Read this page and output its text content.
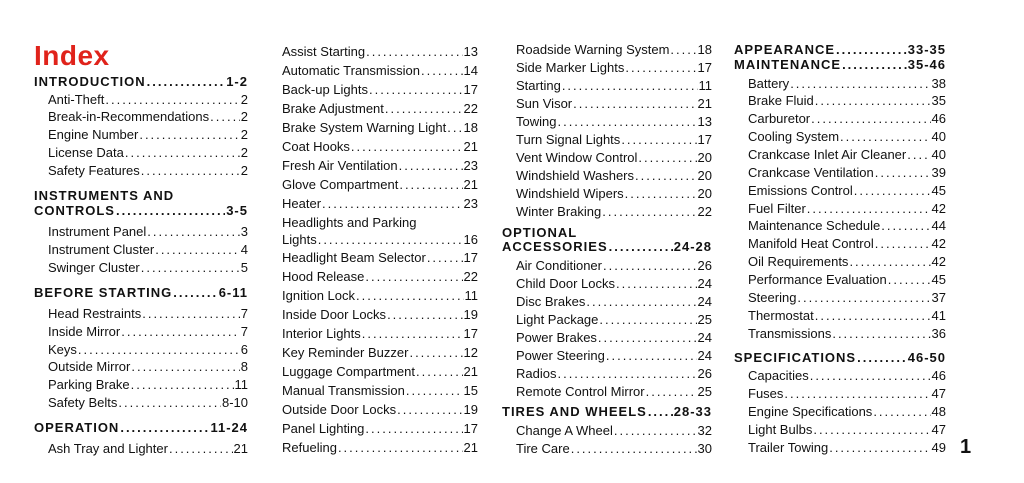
Index
INTRODUCTION .....	1-2
Anti-Theft .....	2
Break-in-Recommendations ..... 2
Engine Number .....	2
License Data .....	2
Safety Features .....	2
INSTRUMENTS AND
CONTROLS .....	3-5
Instrument Panel .....	3
Instrument Cluster .....	4
Swinger Cluster .....	5
BEFORE STARTING .....	6-11
Head Restraints .....	7
Inside Mirror .....	7
Keys .....	6
Outside Mirror .....	8
Parking Brake .....	11
Safety Belts .....	8-10
OPERATION .....	11-24
Ash Tray and Lighter .....	21
Assist Starting .....	13
Automatic Transmission .....	14
Back-up Lights .....	17
Brake Adjustment .....	22
Brake System Warning Light ..... 18
Coat Hooks .....	21
Fresh Air Ventilation .....	23
Glove Compartment .....	21
Heater .....	23
Headlights and Parking
Lights .....	16
Headlight Beam Selector .....	17
Hood Release .....	22
Ignition Lock .....	11
Inside Door Locks .....	19
Interior Lights .....	17
Key Reminder Buzzer .....	12
Luggage Compartment .....	21
Manual Transmission .....	15
Outside Door Locks .....	19
Panel Lighting .....	17
Refueling .....	21
Roadside Warning System ..... 18
Side Marker Lights .....	17
Starting .....	11
Sun Visor .....	21
Towing .....	13
Turn Signal Lights .....	17
Vent Window Control .....	20
Windshield Washers .....	20
Windshield Wipers .....	20
Winter Braking .....	22
OPTIONAL
ACCESSORIES .....	24-28
Air Conditioner .....	26
Child Door Locks .....	24
Disc Brakes .....	24
Light Package .....	25
Power Brakes .....	24
Power Steering .....	24
Radios .....	26
Remote Control Mirror .....	25
TIRES AND WHEELS ..... 28-33
Change A Wheel .....	32
Tire Care .....	30
APPEARANCE .....	33-35
MAINTENANCE .....	35-46
Battery .....	38
Brake Fluid .....	35
Carburetor .....	46
Cooling System .....	40
Crankcase Inlet Air Cleaner ..... 40
Crankcase Ventilation .....	39
Emissions Control .....	45
Fuel Filter .....	42
Maintenance Schedule .....	44
Manifold Heat Control .....	42
Oil Requirements .....	42
Performance Evaluation .....	45
Steering .....	37
Thermostat .....	41
Transmissions .....	36
SPECIFICATIONS .....	46-50
Capacities .....	46
Fuses .....	47
Engine Specifications .....	48
Light Bulbs .....	47
Trailer Towing .....	49 1
